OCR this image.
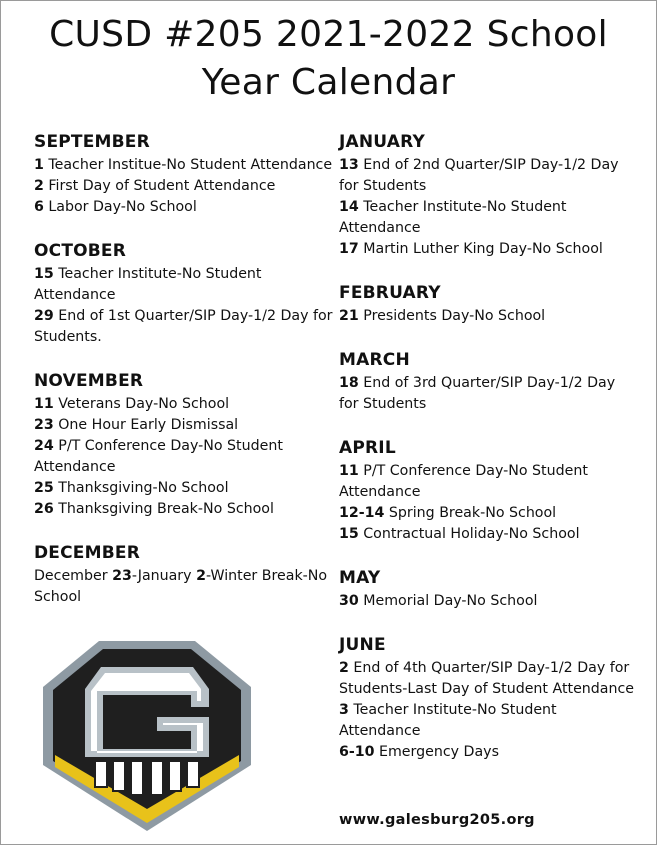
CUSD #205 2021-2022 School
Year Calendar
SEPTEMBER

1 Teacher Institue-No Student Attendance

2 First Day of Student Attendance

6 Labor Day-No School

OCTOBER

15 Teacher Institute-No Student Attendance

29 End of 1st Quarter/SIP Day-1/2 Day for Students.

NOVEMBER

11 Veterans Day-No School

23 One Hour Early Dismissal

24 P/T Conference Day-No Student Attendance

25 Thanksgiving-No School

26 Thanksgiving Break-No School

DECEMBER

December 23-January 2-Winter Break-No School

JANUARY

13 End of 2nd Quarter/SIP Day-1/2 Day for Students

14 Teacher Institute-No Student Attendance

17 Martin Luther King Day-No School

FEBRUARY

21 Presidents Day-No School

MARCH

18 End of 3rd Quarter/SIP Day-1/2 Day for Students

APRIL

11 P/T Conference Day-No Student Attendance

12-14 Spring Break-No School

15 Contractual Holiday-No School

MAY

30 Memorial Day-No School

JUNE

2 End of 4th Quarter/SIP Day-1/2 Day for Students-Last Day of Student Attendance

3 Teacher Institute-No Student Attendance

6-10 Emergency Days

www.galesburg205.org
